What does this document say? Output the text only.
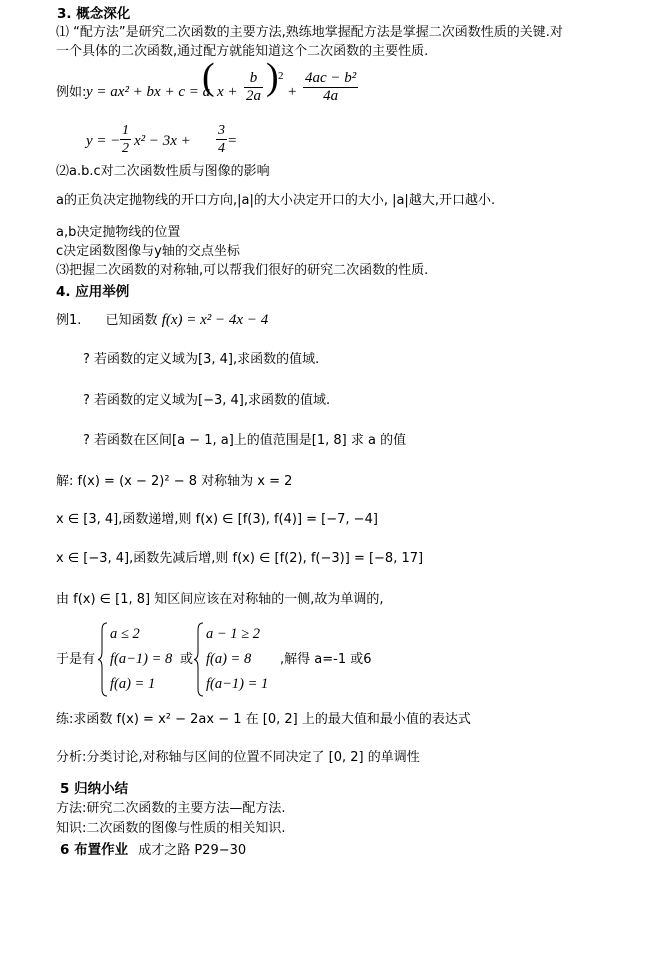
3. 概念深化
⑴ “配方法”是研究二次函数的主要方法,熟练地掌握配方法是掌握二次函数性质的关键.对
一个具体的二次函数,通过配方就能知道这个二次函数的主要性质.
例如: y = ax² + bx + c = a
( $x + \frac{b}{2a}$ ) 2
+ $\frac{\text{4ac − b²}}{4a}$
y = − $\frac{1}{2} x^2 - 3x + \frac{3}{4}$ =
⑵a.b.c对二次函数性质与图像的影响
a的正负决定抛物线的开口方向,|a|的大小决定开口的大小, |a|越大,开口越小.
a,b决定抛物线的位置
c决定函数图像与y轴的交点坐标
⑶把握二次函数的对称轴,可以帮我们很好的研究二次函数的性质.
4. 应用举例
例1. 已知函数 f(x) = x² − 4x − 4
? 若函数的定义域为[3, 4],求函数的值域.
? 若函数的定义域为[−3, 4],求函数的值域.
? 若函数在区间[a − 1, a]上的值范围是[1, 8] 求 a 的值
解: f(x) = (x − 2)² − 8 对称轴为 x = 2
x ∈ [3, 4],函数递增,则 f(x) ∈ [f(3), f(4)] = [−7, −4]
x ∈ [−3, 4],函数先减后增,则 f(x) ∈ [f(2), f(−3)] = [−8, 17]
由 f(x) ∈ [1, 8] 知区间应该在对称轴的一侧,故为单调的,
于是有
a ≤ 2
f(a−1) = 8
f(a) = 1
或
a − 1 ≥ 2
f(a) = 8
f(a−1) = 1
,解得 a=-1 或6
练:求函数 f(x) = x² − 2ax − 1 在 [0, 2] 上的最大值和最小值的表达式
分析:分类讨论,对称轴与区间的位置不同决定了 [0, 2] 的单调性
5 归纳小结
方法:研究二次函数的主要方法—配方法.
知识:二次函数的图像与性质的相关知识.
6 布置作业 成才之路 P29−30
